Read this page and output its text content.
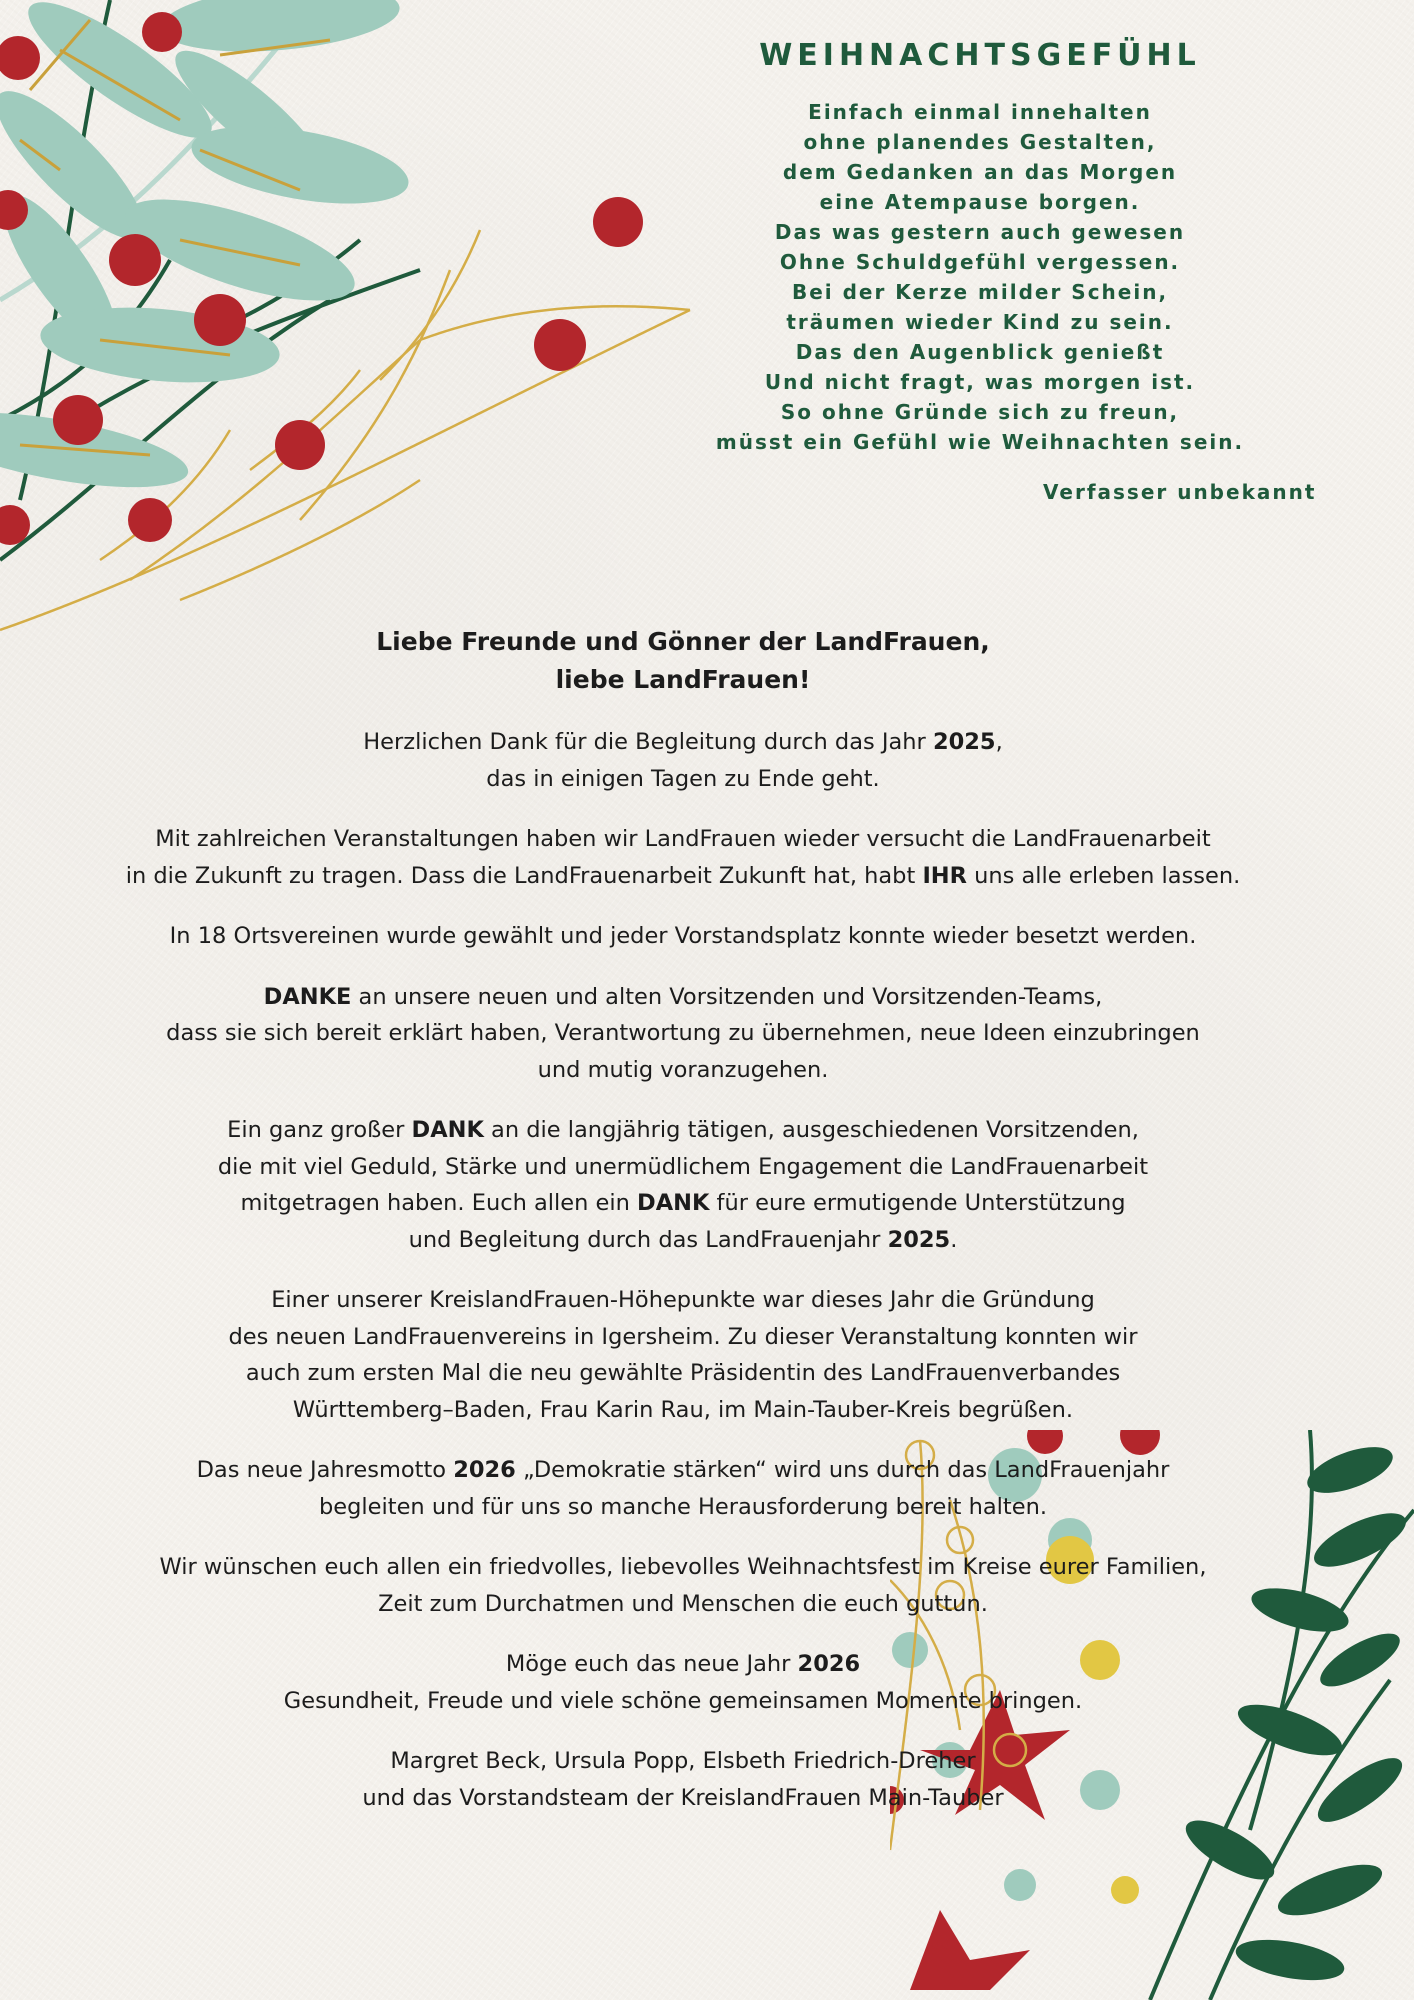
WEIHNACHTSGEFÜHL
Einfach einmal innehalten
ohne planendes Gestalten,
dem Gedanken an das Morgen
eine Atempause borgen.
Das was gestern auch gewesen
Ohne Schuldgefühl vergessen.
Bei der Kerze milder Schein,
träumen wieder Kind zu sein.
Das den Augenblick genießt
Und nicht fragt, was morgen ist.
So ohne Gründe sich zu freun,
müsst ein Gefühl wie Weihnachten sein.
Verfasser unbekannt
Liebe Freunde und Gönner der LandFrauen,
liebe LandFrauen!

Herzlichen Dank für die Begleitung durch das Jahr 2025,
das in einigen Tagen zu Ende geht.

Mit zahlreichen Veranstaltungen haben wir LandFrauen wieder versucht die LandFrauenarbeit
in die Zukunft zu tragen. Dass die LandFrauenarbeit Zukunft hat, habt IHR uns alle erleben lassen.

In 18 Ortsvereinen wurde gewählt und jeder Vorstandsplatz konnte wieder besetzt werden.

DANKE an unsere neuen und alten Vorsitzenden und Vorsitzenden-Teams,
dass sie sich bereit erklärt haben, Verantwortung zu übernehmen, neue Ideen einzubringen
und mutig voranzugehen.

Ein ganz großer DANK an die langjährig tätigen, ausgeschiedenen Vorsitzenden,
die mit viel Geduld, Stärke und unermüdlichem Engagement die LandFrauenarbeit
mitgetragen haben. Euch allen ein DANK für eure ermutigende Unterstützung
und Begleitung durch das LandFrauenjahr 2025.

Einer unserer KreislandFrauen-Höhepunkte war dieses Jahr die Gründung
des neuen LandFrauenvereins in Igersheim. Zu dieser Veranstaltung konnten wir
auch zum ersten Mal die neu gewählte Präsidentin des LandFrauenverbandes
Württemberg–Baden, Frau Karin Rau, im Main-Tauber-Kreis begrüßen.

Das neue Jahresmotto 2026 „Demokratie stärken“ wird uns durch das LandFrauenjahr
begleiten und für uns so manche Herausforderung bereit halten.

Wir wünschen euch allen ein friedvolles, liebevolles Weihnachtsfest im Kreise eurer Familien,
Zeit zum Durchatmen und Menschen die euch guttun.

Möge euch das neue Jahr 2026
Gesundheit, Freude und viele schöne gemeinsamen Momente bringen.

Margret Beck, Ursula Popp, Elsbeth Friedrich-Dreher
und das Vorstandsteam der KreislandFrauen Main-Tauber
